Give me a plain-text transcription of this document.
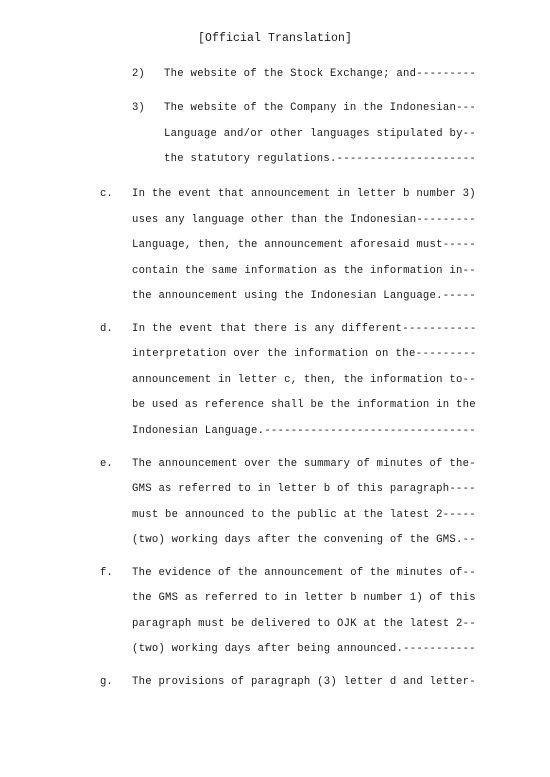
[Official Translation]
2) The website of the Stock Exchange; and---------
3) The website of the Company in the Indonesian---
Language and/or other languages stipulated by--
the statutory regulations.---------------------
c. In the event that announcement in letter b number 3)
uses any language other than the Indonesian---------
Language, then, the announcement aforesaid must-----
contain the same information as the information in--
the announcement using the Indonesian Language.-----
d. In the event that there is any different-----------
interpretation over the information on the---------
announcement in letter c, then, the information to--
be used as reference shall be the information in the
Indonesian Language.--------------------------------
e. The announcement over the summary of minutes of the-
GMS as referred to in letter b of this paragraph----
must be announced to the public at the latest 2-----
(two) working days after the convening of the GMS.--
f. The evidence of the announcement of the minutes of--
the GMS as referred to in letter b number 1) of this
paragraph must be delivered to OJK at the latest 2--
(two) working days after being announced.-----------
g. The provisions of paragraph (3) letter d and letter-
